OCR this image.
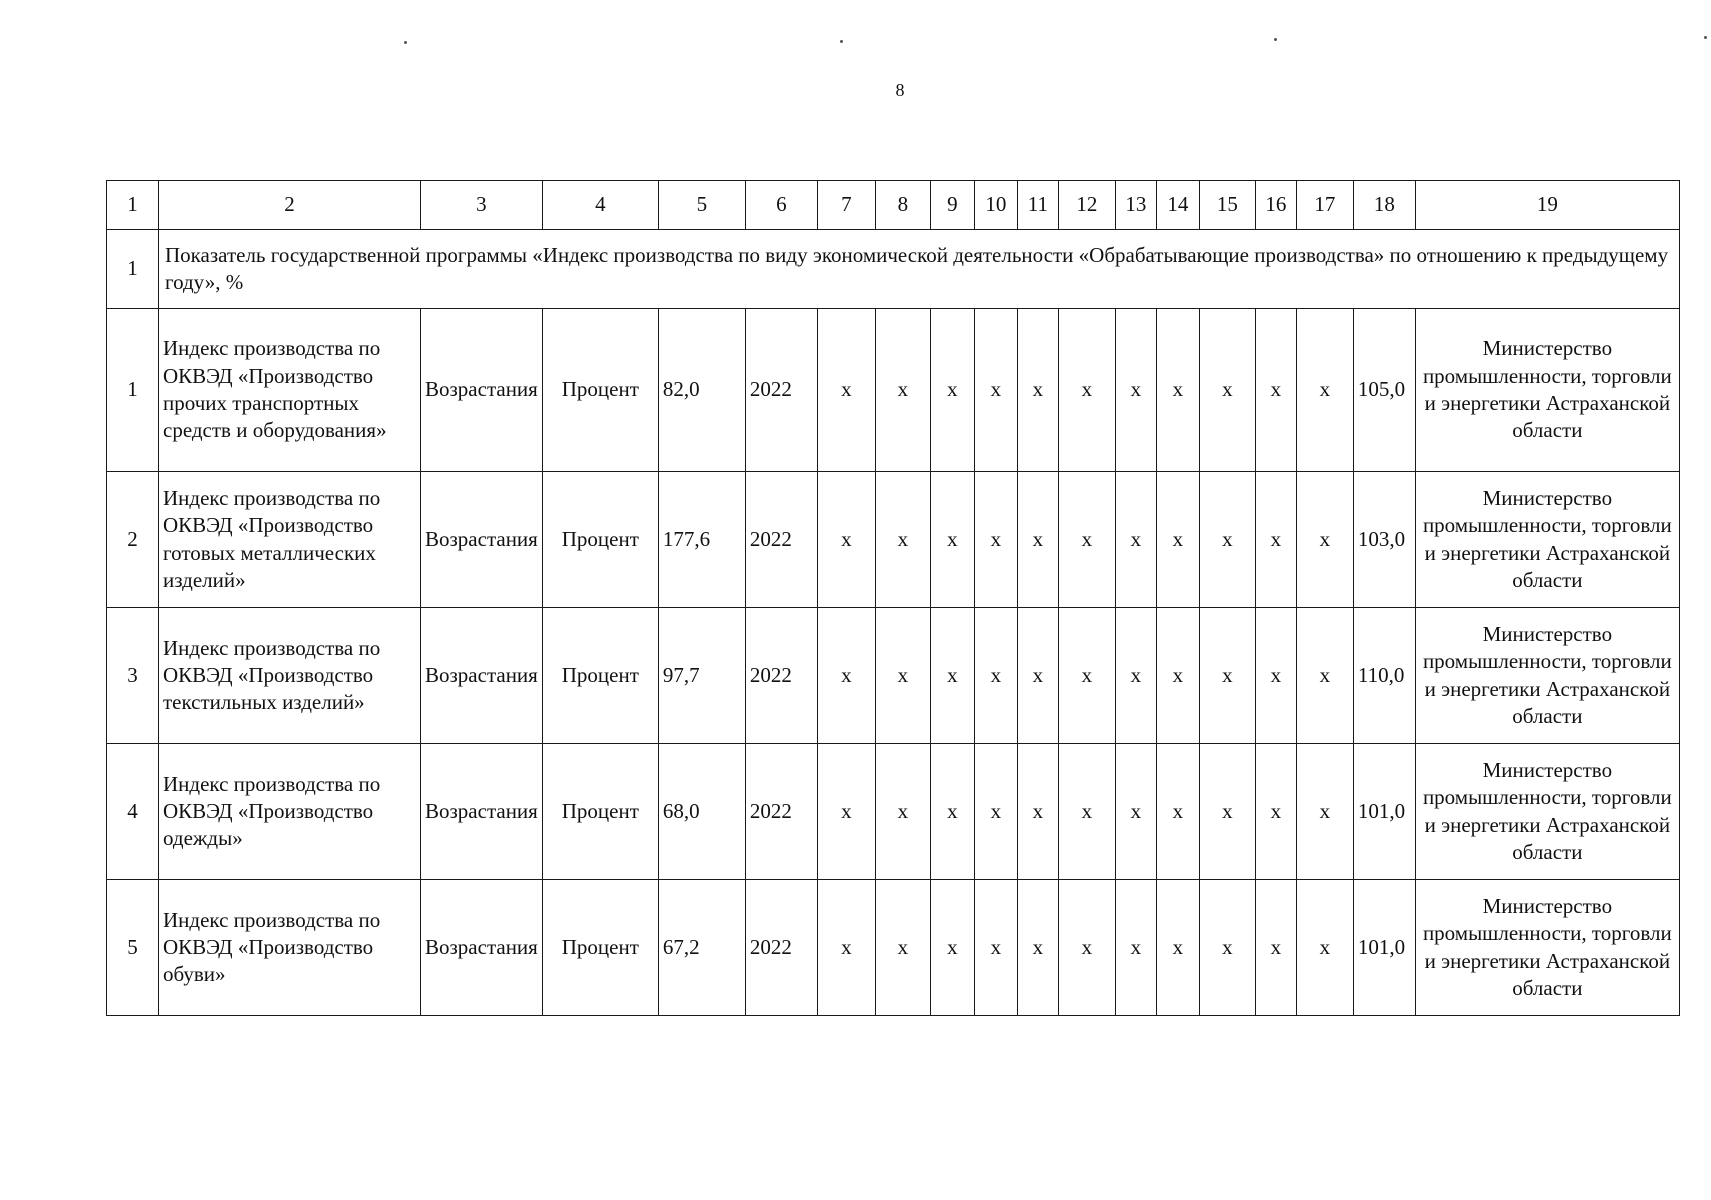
8
1	2	3	4	5	6	7	8	9	10	11	12	13	14	15	16	17	18	19
1	Показатель государственной программы «Индекс производства по виду экономической деятельности «Обрабатывающие производства» по отношению к предыдущему году», %																	
1	Индекс производства по ОКВЭД «Производство прочих транспортных средств и оборудования»	Возрастания	Процент	82,0	2022	х	х	х	х	х	х	х	х	х	х	х	105,0	Министерство промышленности, торговли и энергетики Астраханской области
2	Индекс производства по ОКВЭД «Производство готовых металлических изделий»	Возрастания	Процент	177,6	2022	х	х	х	х	х	х	х	х	х	х	х	103,0	Министерство промышленности, торговли и энергетики Астраханской области
3	Индекс производства по ОКВЭД «Производство текстильных изделий»	Возрастания	Процент	97,7	2022	х	х	х	х	х	х	х	х	х	х	х	110,0	Министерство промышленности, торговли и энергетики Астраханской области
4	Индекс производства по ОКВЭД «Производство одежды»	Возрастания	Процент	68,0	2022	х	х	х	х	х	х	х	х	х	х	х	101,0	Министерство промышленности, торговли и энергетики Астраханской области
5	Индекс производства по ОКВЭД «Производство обуви»	Возрастания	Процент	67,2	2022	х	х	х	х	х	х	х	х	х	х	х	101,0	Министерство промышленности, торговли и энергетики Астраханской области
